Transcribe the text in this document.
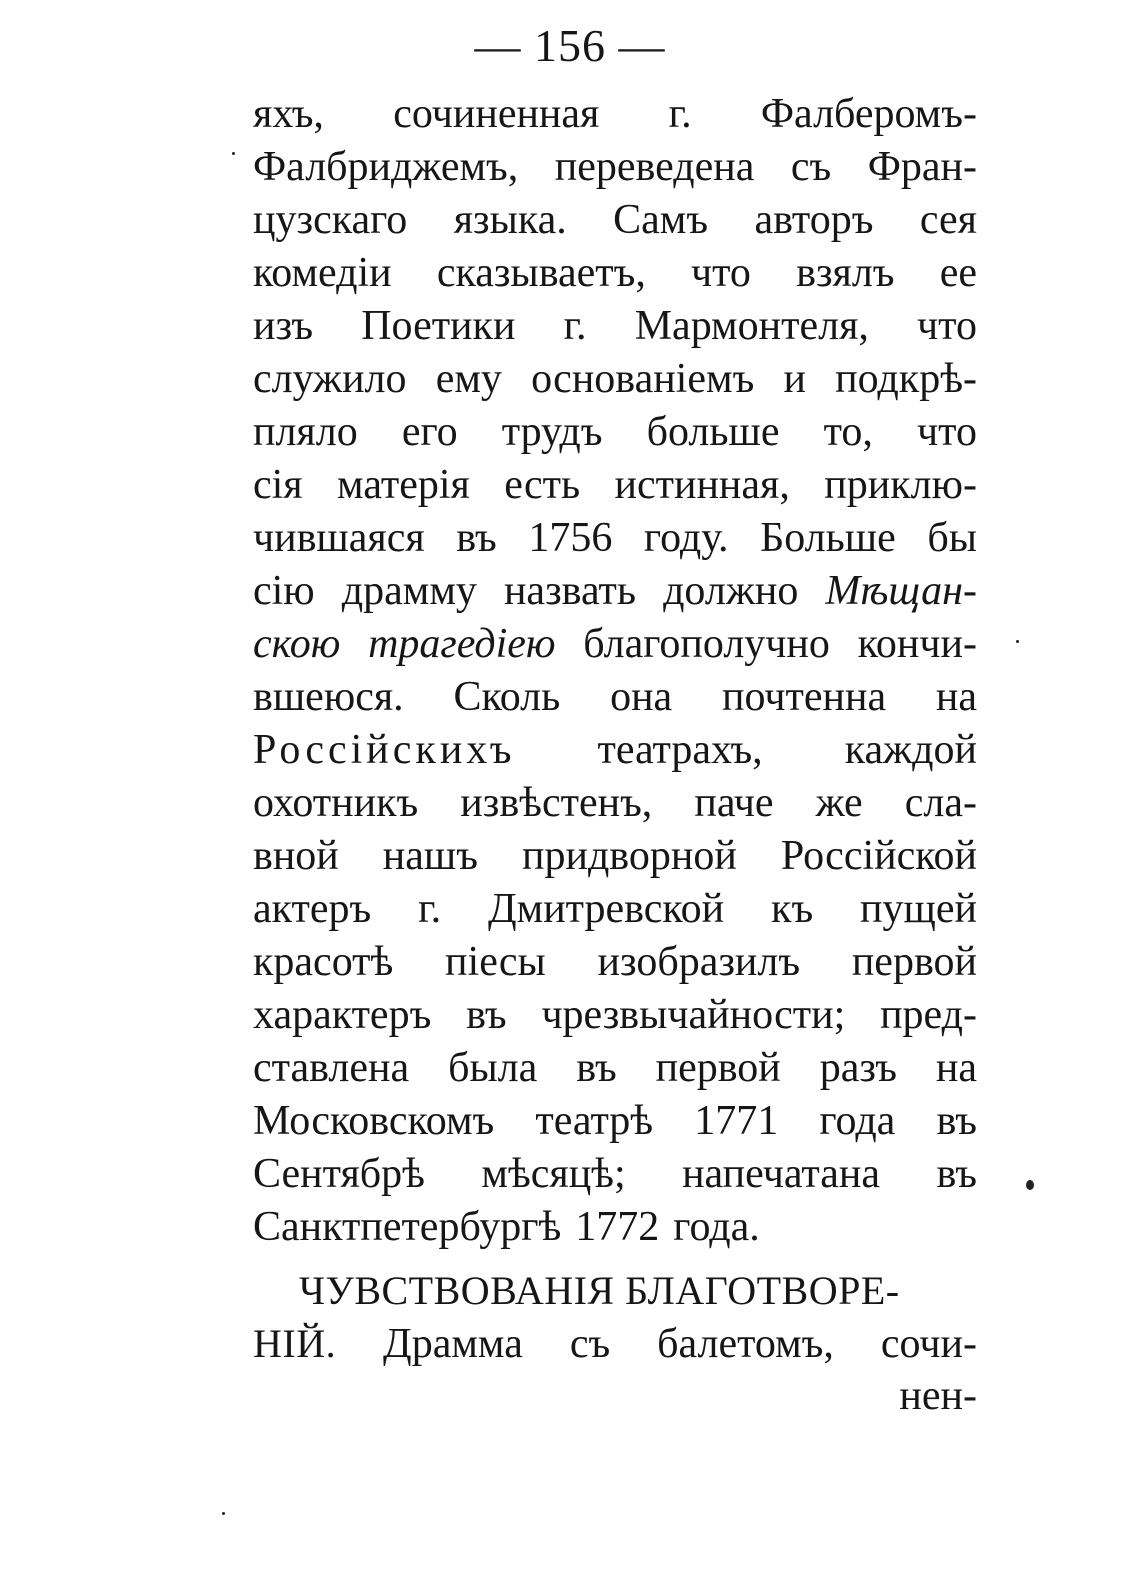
— 156 —
яхъ, сочиненная г. Фалберомъ-
Фалбриджемъ, переведена съ Фран-
цузскаго языка. Самъ авторъ сея
комедіи сказываетъ, что взялъ ее
изъ Поетики г. Мармонтеля, что
служило ему основаніемъ и подкрѣ-
пляло его трудъ больше то, что
сія матерія есть истинная, приклю-
чившаяся въ 1756 году. Больше бы
сію драмму назвать должно Мѣщан-
скою трагедіею благополучно кончи-
вшеюся. Сколь она почтенна на
Россійскихъ театрахъ, каждой
охотникъ извѣстенъ, паче же сла-
вной нашъ придворной Россійской
актеръ г. Дмитревской къ пущей
красотѣ піесы изобразилъ первой
характеръ въ чрезвычайности; пред-
ставлена была въ первой разъ на
Московскомъ театрѣ 1771 года въ
Сентябрѣ мѣсяцѣ; напечатана въ
Санктпетербургѣ 1772 года.
ЧУВСТВОВАНІЯ БЛАГОТВОРЕ-
НІЙ. Драмма съ балетомъ, сочи-
нен-
